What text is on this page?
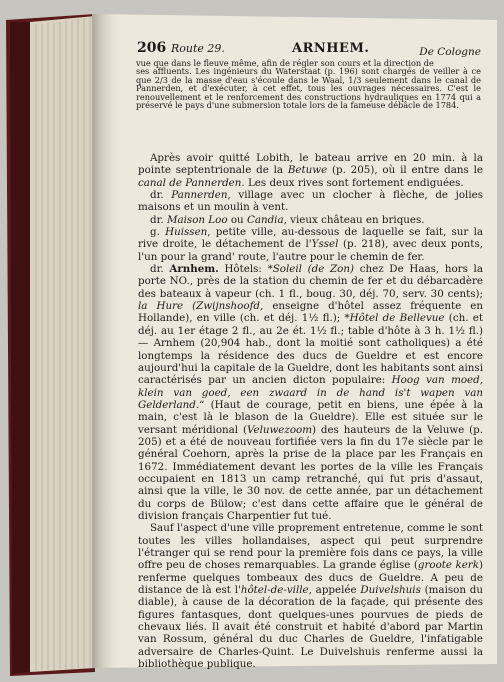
206 Route 29.	ARNHEM.	De Cologne

vue que dans le fleuve même, afin de régler son cours et la direction de

ses affluents. Les ingénieurs du Waterstaat (p. 196) sont chargés de veiller à ce que 2/3 de la masse d'eau s'écoule dans le Waal, 1/3 seulement dans le canal de Pannerden, et d'exécuter, à cet effet, tous les ouvrages nécessaires. C'est le renouvellement et le renforcement des constructions hydrauliques en 1774 qui a préservé le pays d'une submersion totale lors de la fameuse débâcle de 1784.

Après avoir quitté Lobith, le bateau arrive en 20 min. à la pointe septentrionale de la Betuwe (p. 205), où il entre dans le canal de Pannerden. Les deux rives sont fortement endiguées.

dr. Pannerden, village avec un clocher à flèche, de jolies maisons et un moulin à vent.

dr. Maison Loo ou Candia, vieux château en briques.

g. Huissen, petite ville, au-dessous de laquelle se fait, sur la rive droite, le détachement de l'Yssel (p. 218), avec deux ponts, l'un pour la grand' route, l'autre pour le chemin de fer.

dr. Arnhem. Hôtels: *Soleil (de Zon) chez De Haas, hors la porte NO., près de la station du chemin de fer et du débarcadère des bateaux à vapeur (ch. 1 fl., boug. 30, déj. 70, serv. 30 cents); la Hure (Zwijnshoofd, enseigne d'hôtel assez fréquente en Hollande), en ville (ch. et déj. 1½ fl.); *Hôtel de Bellevue (ch. et déj. au 1er étage 2 fl., au 2e ét. 1½ fl.; table d'hôte à 3 h. 1½ fl.) — Arnhem (20,904 hab., dont la moitié sont catholiques) a été longtemps la résidence des ducs de Gueldre et est encore aujourd'hui la capitale de la Gueldre, dont les habitants sont ainsi caractérisés par un ancien dicton populaire: Hoog van moed, klein van goed, een zwaard in de hand is't wapen van Gelderland.“ (Haut de courage, petit en biens, une épée à la main, c'est là le blason de la Gueldre). Elle est située sur le versant méridional (Veluwezoom) des hauteurs de la Veluwe (p. 205) et a été de nouveau fortifiée vers la fin du 17e siècle par le général Coehorn, après la prise de la place par les Français en 1672. Immédiatement devant les portes de la ville les Français occupaient en 1813 un camp retranché, qui fut pris d'assaut, ainsi que la ville, le 30 nov. de cette année, par un détachement du corps de Bülow; c'est dans cette affaire que le général de division français Charpentier fut tué.

Sauf l'aspect d'une ville proprement entretenue, comme le sont toutes les villes hollandaises, aspect qui peut surprendre l'étranger qui se rend pour la première fois dans ce pays, la ville offre peu de choses remarquables. La grande église (groote kerk) renferme quelques tombeaux des ducs de Gueldre. A peu de distance de là est l'hôtel-de-ville, appelée Duivelshuis (maison du diable), à cause de la décoration de la façade, qui présente des figures fantasques, dont quelques-unes pourvues de pieds de chevaux liés. Il avait été construit et habité d'abord par Martin van Rossum, général du duc Charles de Gueldre, l'infatigable adversaire de Charles-Quint. Le Duivelshuis renferme aussi la bibliothèque publique.
